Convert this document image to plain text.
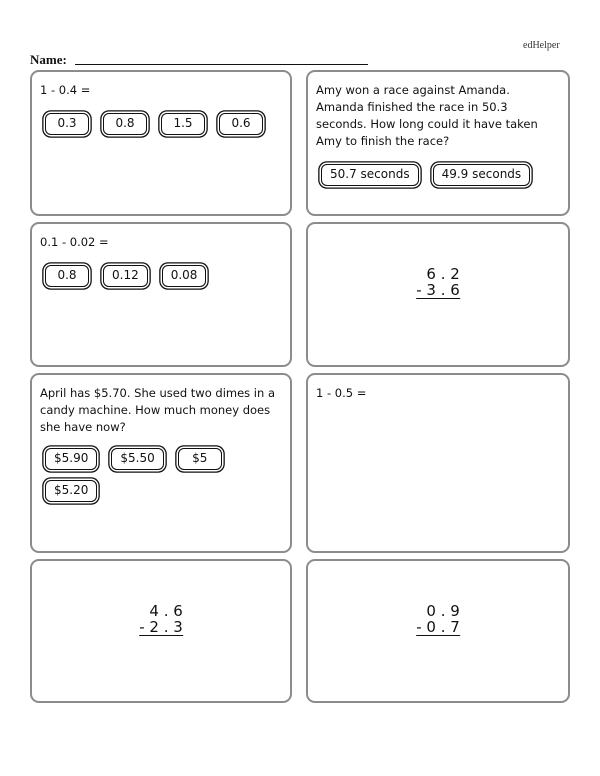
edHelper
Name:

1 - 0.4 =

0.3	0.8	1.5	0.6

Amy won a race against Amanda. Amanda finished the race in 50.3 seconds. How long could it have taken Amy to finish the race?

50.7 seconds	49.9 seconds

0.1 - 0.02 =

0.8	0.12	0.08	6 . 2
- 3 . 6

April has $5.70. She used two dimes in a candy machine. How much money does she have now?

$5.90	$5.50	$5
$5.20

1 - 0.5 =

4 . 6
- 2 . 3
0 . 9
- 0 . 7
